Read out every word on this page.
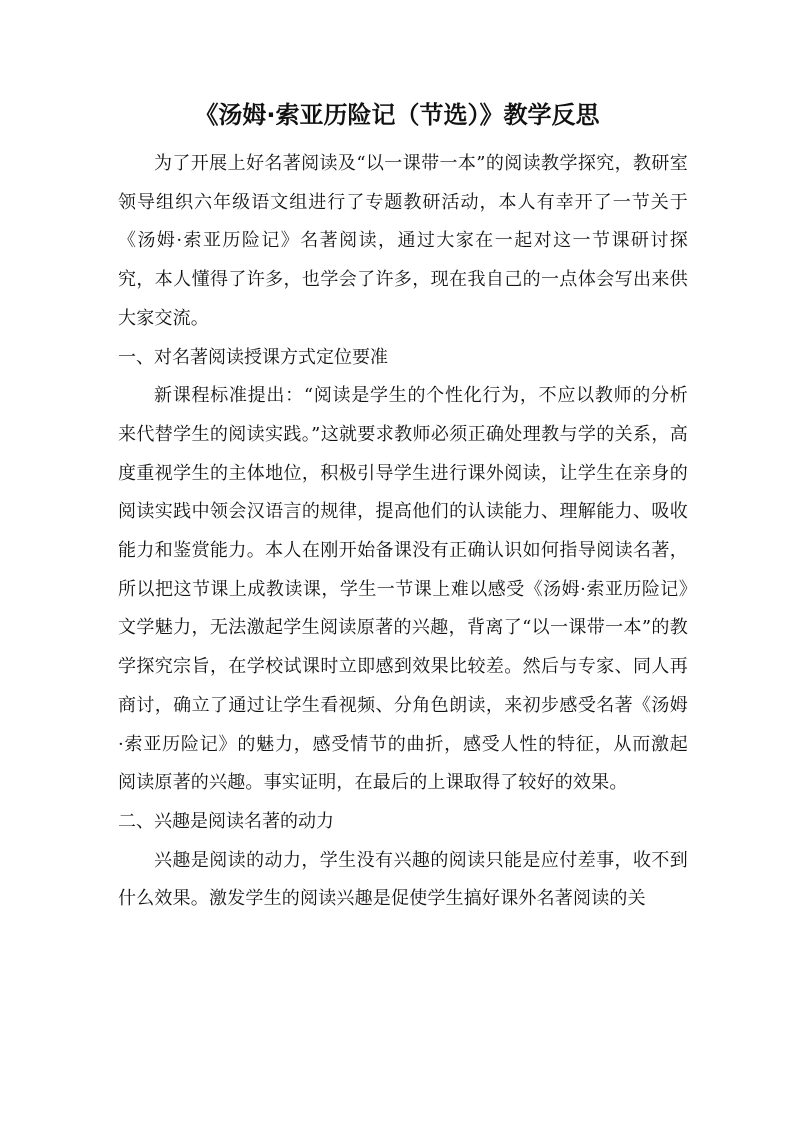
《汤姆·索亚历险记（节选）》教学反思

为了开展上好名著阅读及“以一课带一本”的阅读教学探究，教研室领导组织六年级语文组进行了专题教研活动，本人有幸开了一节关于《汤姆·索亚历险记》名著阅读，通过大家在一起对这一节课研讨探究，本人懂得了许多，也学会了许多，现在我自己的一点体会写出来供大家交流。

一、对名著阅读授课方式定位要准

新课程标准提出：“阅读是学生的个性化行为，不应以教师的分析来代替学生的阅读实践。”这就要求教师必须正确处理教与学的关系，高度重视学生的主体地位，积极引导学生进行课外阅读，让学生在亲身的阅读实践中领会汉语言的规律，提高他们的认读能力、理解能力、吸收能力和鉴赏能力。本人在刚开始备课没有正确认识如何指导阅读名著，所以把这节课上成教读课，学生一节课上难以感受《汤姆·索亚历险记》文学魅力，无法激起学生阅读原著的兴趣，背离了“以一课带一本”的教学探究宗旨，在学校试课时立即感到效果比较差。然后与专家、同人再商讨，确立了通过让学生看视频、分角色朗读，来初步感受名著《汤姆·索亚历险记》的魅力，感受情节的曲折，感受人性的特征，从而激起阅读原著的兴趣。事实证明，在最后的上课取得了较好的效果。

二、兴趣是阅读名著的动力

兴趣是阅读的动力，学生没有兴趣的阅读只能是应付差事，收不到什么效果。激发学生的阅读兴趣是促使学生搞好课外名著阅读的关
